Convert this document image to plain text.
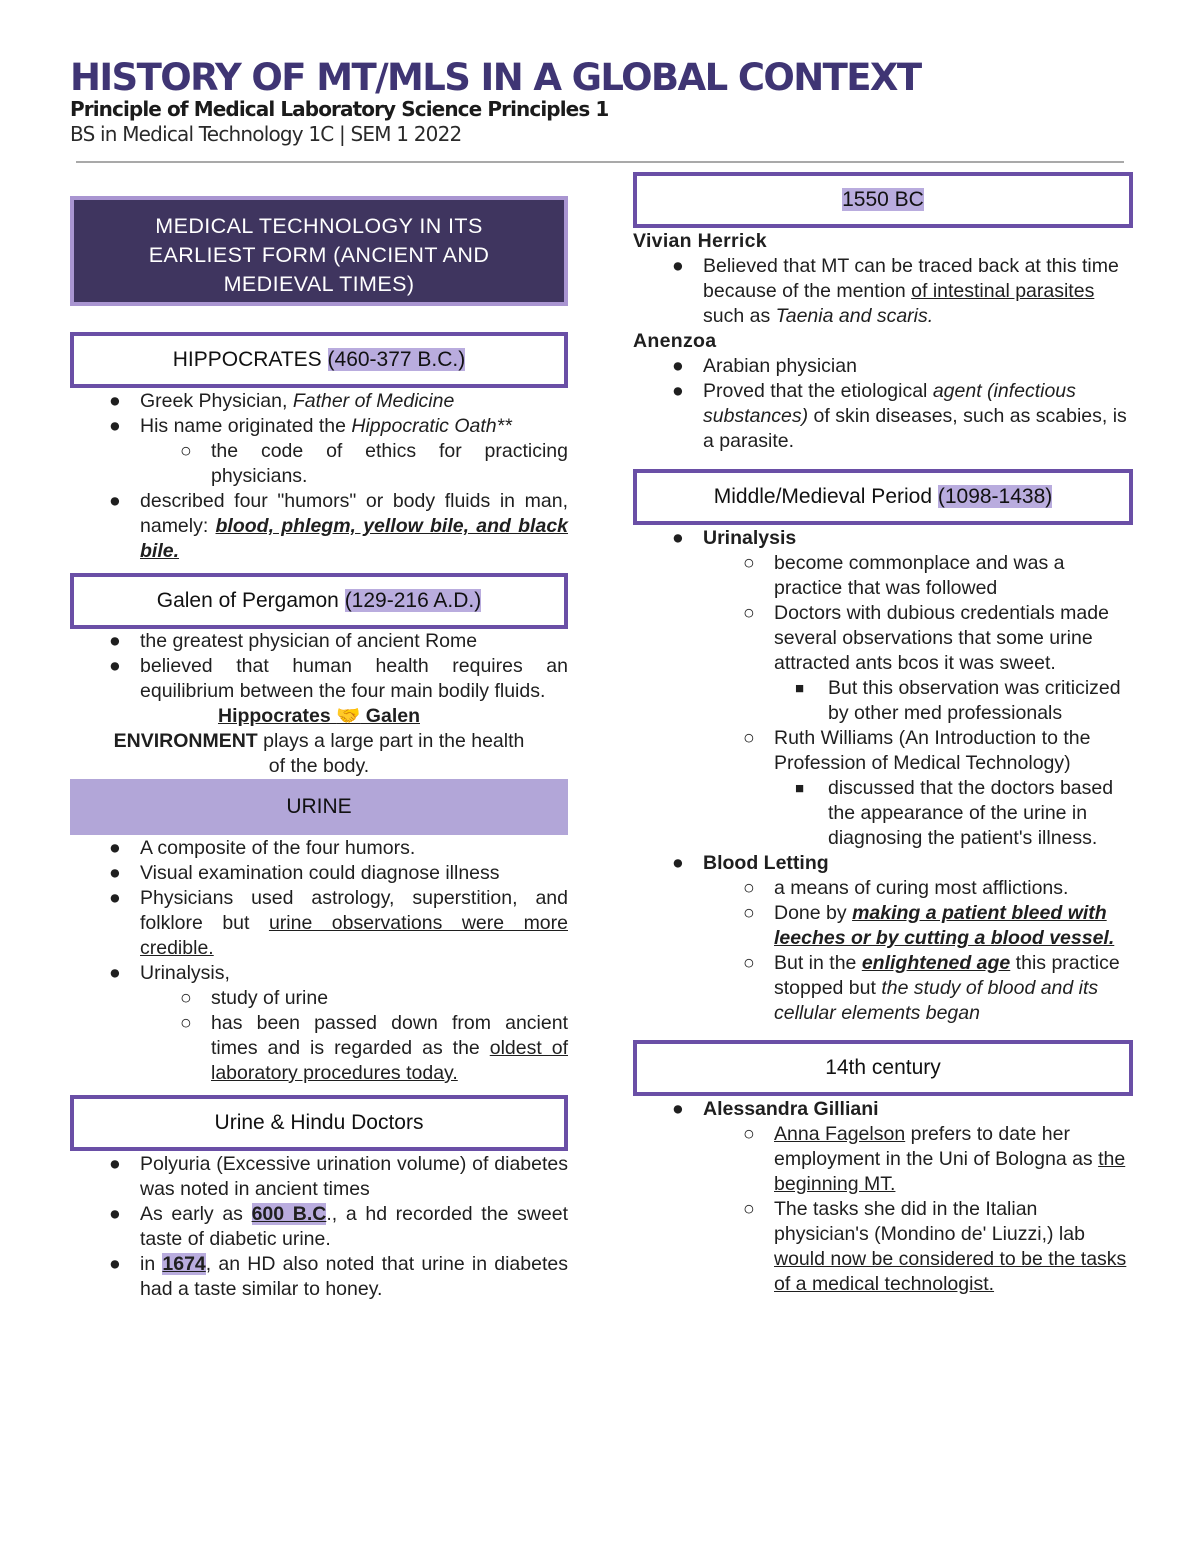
HISTORY OF MT/MLS IN A GLOBAL CONTEXT

Principle of Medical Laboratory Science Principles 1

BS in Medical Technology 1C | SEM 1 2022

MEDICAL TECHNOLOGY IN ITS
EARLIEST FORM (ANCIENT AND
MEDIEVAL TIMES)
HIPPOCRATES (460-377 B.C.)
● Greek Physician, Father of Medicine
● His name originated the Hippocratic Oath**
○ the code of ethics for practicing physicians.
● described four "humors" or body fluids in man, namely: blood, phlegm, yellow bile, and black bile.
Galen of Pergamon (129-216 A.D.)
● the greatest physician of ancient Rome
● believed that human health requires an equilibrium between the four main bodily fluids.
Hippocrates 🤝 Galen
ENVIRONMENT plays a large part in the health
of the body.
URINE
● A composite of the four humors.
● Visual examination could diagnose illness
● Physicians used astrology, superstition, and folklore but urine observations were more credible.
● Urinalysis,
○ study of urine
○ has been passed down from ancient times and is regarded as the oldest of laboratory procedures today.
Urine & Hindu Doctors
● Polyuria (Excessive urination volume) of diabetes was noted in ancient times
● As early as 600 B.C., a hd recorded the sweet taste of diabetic urine.
● in 1674, an HD also noted that urine in diabetes had a taste similar to honey.
1550 BC
Vivian Herrick
● Believed that MT can be traced back at this time because of the mention of intestinal parasites such as Taenia and scaris.
Anenzoa
● Arabian physician
● Proved that the etiological agent (infectious substances) of skin diseases, such as scabies, is a parasite.
Middle/Medieval Period (1098-1438)
● Urinalysis
○ become commonplace and was a practice that was followed
○ Doctors with dubious credentials made several observations that some urine attracted ants bcos it was sweet.
■ But this observation was criticized by other med professionals
○ Ruth Williams (An Introduction to the Profession of Medical Technology)
■ discussed that the doctors based the appearance of the urine in diagnosing the patient's illness.
● Blood Letting
○ a means of curing most afflictions.
○ Done by making a patient bleed with leeches or by cutting a blood vessel.
○ But in the enlightened age this practice stopped but the study of blood and its cellular elements began
14th century
● Alessandra Gilliani
○ Anna Fagelson prefers to date her employment in the Uni of Bologna as the beginning MT.
○ The tasks she did in the Italian physician's (Mondino de' Liuzzi,) lab would now be considered to be the tasks of a medical technologist.
